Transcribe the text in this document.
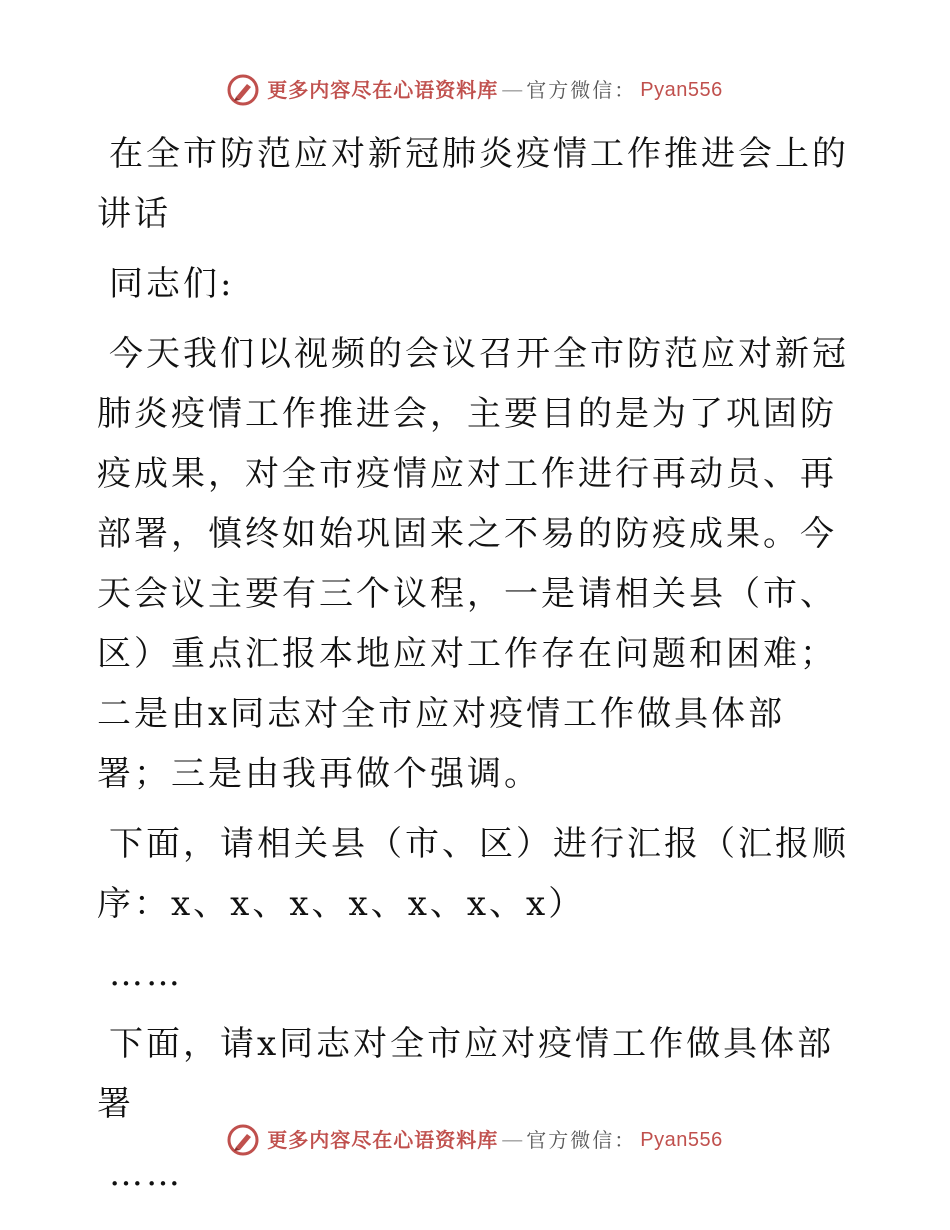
更多内容尽在心语资料库 — 官方微信： Pyan556

在全市防范应对新冠肺炎疫情工作推进会上的讲话

同志们:

今天我们以视频的会议召开全市防范应对新冠肺炎疫情工作推进会，主要目的是为了巩固防疫成果，对全市疫情应对工作进行再动员、再部署，慎终如始巩固来之不易的防疫成果。今天会议主要有三个议程，一是请相关县（市、区）重点汇报本地应对工作存在问题和困难；二是由x同志对全市应对疫情工作做具体部署；三是由我再做个强调。

下面，请相关县（市、区）进行汇报（汇报顺序：x、x、x、x、x、x、x）

……

下面，请x同志对全市应对疫情工作做具体部署

……

更多内容尽在心语资料库 — 官方微信： Pyan556
